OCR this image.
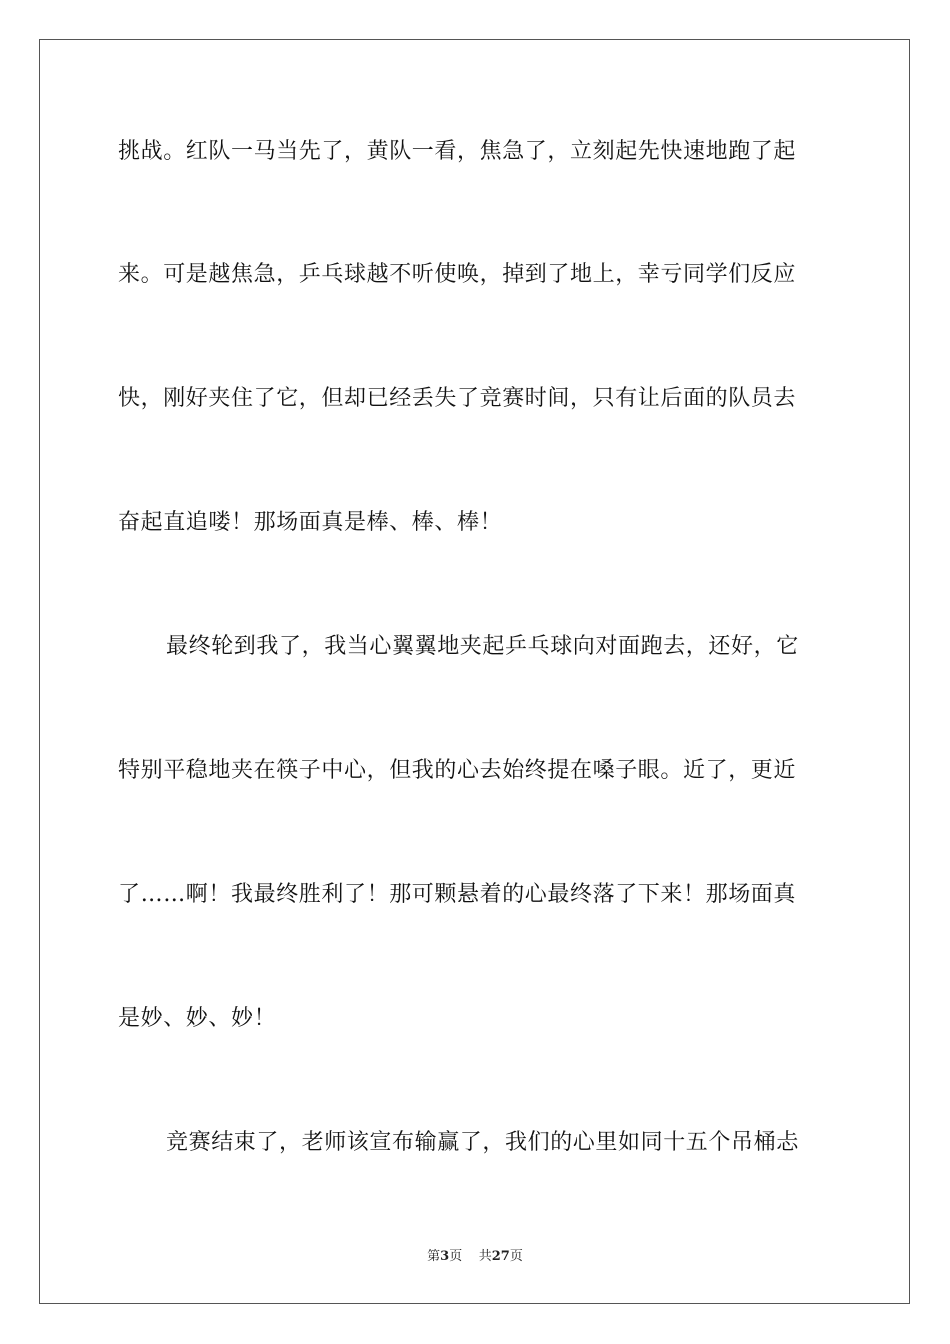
挑战。红队一马当先了，黄队一看，焦急了，立刻起先快速地跑了起
来。可是越焦急，乒乓球越不听使唤，掉到了地上，幸亏同学们反应
快，刚好夹住了它，但却已经丢失了竞赛时间，只有让后面的队员去
奋起直追喽！那场面真是棒、棒、棒！
最终轮到我了，我当心翼翼地夹起乒乓球向对面跑去，还好，它
特别平稳地夹在筷子中心，但我的心去始终提在嗓子眼。近了，更近
了……啊！我最终胜利了！那可颗悬着的心最终落了下来！那场面真
是妙、妙、妙！
竞赛结束了，老师该宣布输赢了，我们的心里如同十五个吊桶忐
第3页 共27页
